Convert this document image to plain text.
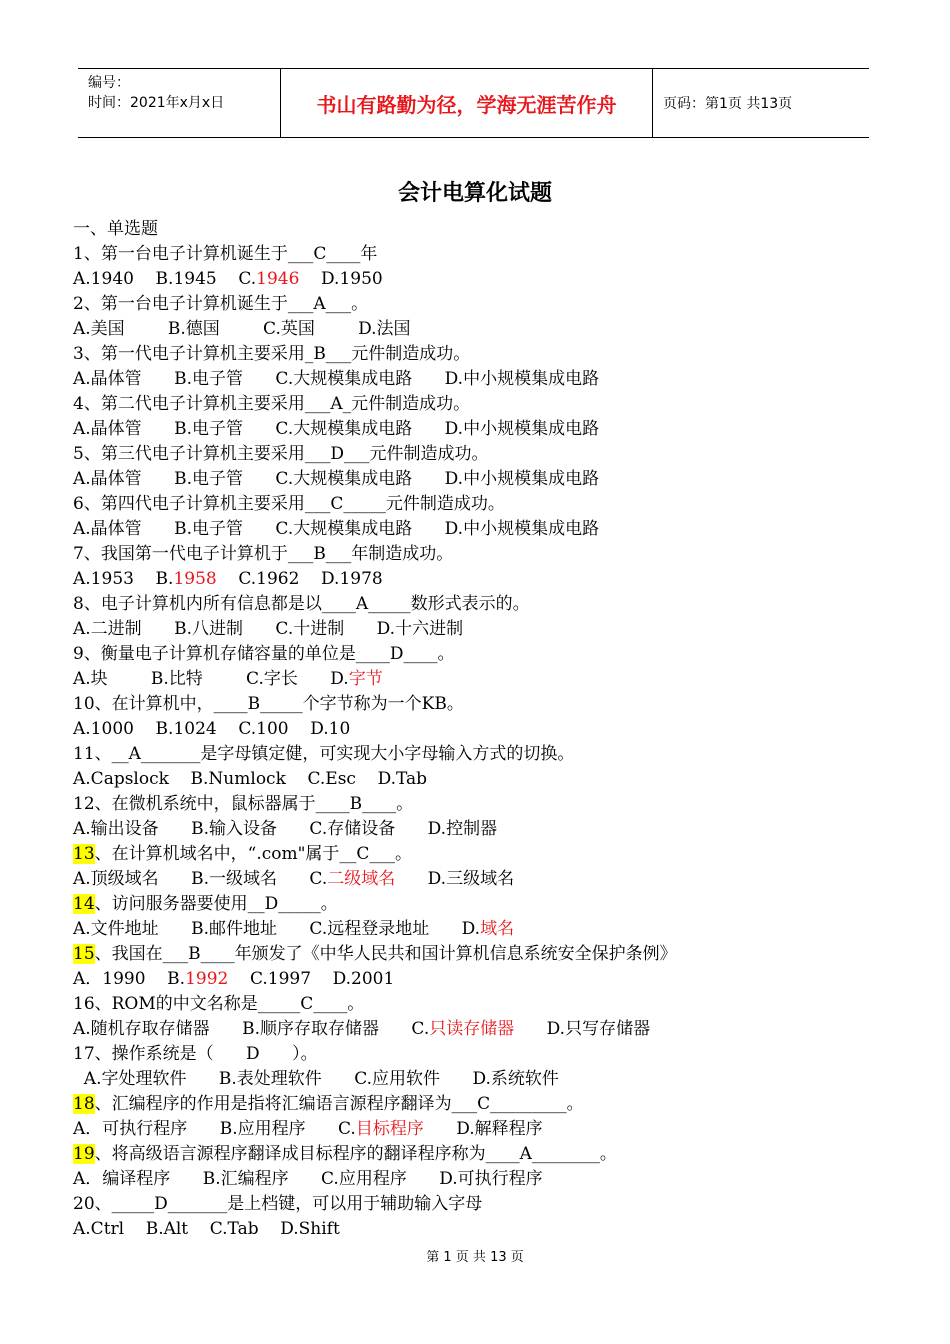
编号：
时间：2021年x月x日	书山有路勤为径，学海无涯苦作舟	页码：第1页 共13页
会计电算化试题
一、单选题
1、第一台电子计算机诞生于___C____年
A.1940    B.1945    C.1946    D.1950
2、第一台电子计算机诞生于___A___。
A.美国        B.德国        C.英国        D.法国
3、第一代电子计算机主要采用_B___元件制造成功。
A.晶体管      B.电子管      C.大规模集成电路      D.中小规模集成电路
4、第二代电子计算机主要采用___A_元件制造成功。
A.晶体管      B.电子管      C.大规模集成电路      D.中小规模集成电路
5、第三代电子计算机主要采用___D___元件制造成功。
A.晶体管      B.电子管      C.大规模集成电路      D.中小规模集成电路
6、第四代电子计算机主要采用___C_____元件制造成功。
A.晶体管      B.电子管      C.大规模集成电路      D.中小规模集成电路
7、我国第一代电子计算机于___B___年制造成功。
A.1953    B.1958    C.1962    D.1978
8、电子计算机内所有信息都是以____A_____数形式表示的。
A.二进制      B.八进制      C.十进制      D.十六进制
9、衡量电子计算机存储容量的单位是____D____。
A.块        B.比特        C.字长      D.字节
10、在计算机中，____B_____个字节称为一个KB。
A.1000    B.1024    C.100    D.10
11、__A_______是字母镇定健，可实现大小字母输入方式的切换。
A.Capslock    B.Numlock    C.Esc    D.Tab
12、在微机系统中，鼠标器属于____B____。
A.输出设备      B.输入设备      C.存储设备      D.控制器
13、在计算机域名中，“.com"属于__C___。
A.顶级域名      B.一级域名      C.二级域名      D.三级域名
14、访问服务器要使用__D_____。
A.文件地址      B.邮件地址      C.远程登录地址      D.域名
15、我国在___B____年颁发了《中华人民共和国计算机信息系统安全保护条例》
A．1990    B.1992    C.1997    D.2001
16、ROM的中文名称是_____C____。
A.随机存取存储器      B.顺序存取存储器      C.只读存储器      D.只写存储器
17、操作系统是（      D      ）。
A.字处理软件      B.表处理软件      C.应用软件      D.系统软件
18、汇编程序的作用是指将汇编语言源程序翻译为___C_________。
A．可执行程序      B.应用程序      C.目标程序      D.解释程序
19、将高级语言源程序翻译成目标程序的翻译程序称为____A________。
A．编译程序      B.汇编程序      C.应用程序      D.可执行程序
20、_____D_______是上档键，可以用于辅助输入字母
A.Ctrl    B.Alt    C.Tab    D.Shift
第 1 页 共 13 页
